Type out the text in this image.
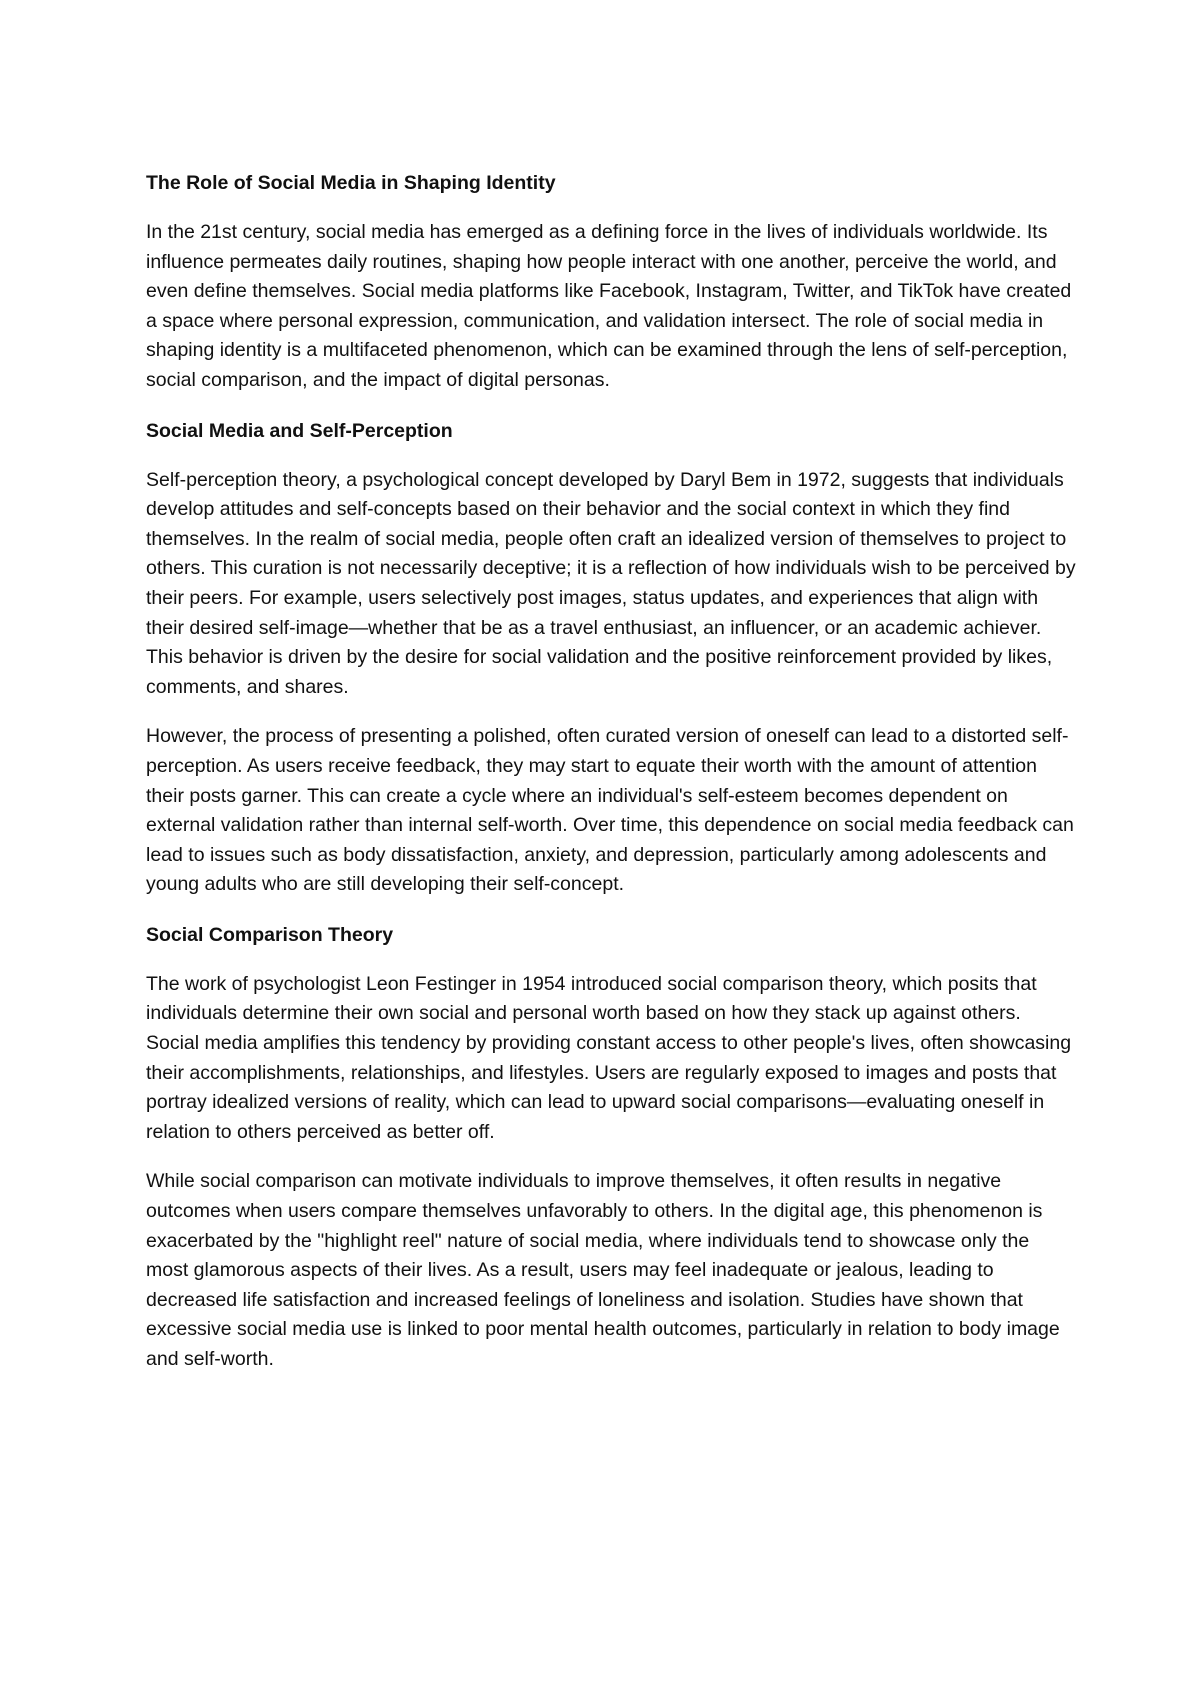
The Role of Social Media in Shaping Identity

In the 21st century, social media has emerged as a defining force in the lives of individuals worldwide. Its influence permeates daily routines, shaping how people interact with one another, perceive the world, and even define themselves. Social media platforms like Facebook, Instagram, Twitter, and TikTok have created a space where personal expression, communication, and validation intersect. The role of social media in shaping identity is a multifaceted phenomenon, which can be examined through the lens of self-perception, social comparison, and the impact of digital personas.

Social Media and Self-Perception

Self-perception theory, a psychological concept developed by Daryl Bem in 1972, suggests that individuals develop attitudes and self-concepts based on their behavior and the social context in which they find themselves. In the realm of social media, people often craft an idealized version of themselves to project to others. This curation is not necessarily deceptive; it is a reflection of how individuals wish to be perceived by their peers. For example, users selectively post images, status updates, and experiences that align with their desired self-image—whether that be as a travel enthusiast, an influencer, or an academic achiever. This behavior is driven by the desire for social validation and the positive reinforcement provided by likes, comments, and shares.

However, the process of presenting a polished, often curated version of oneself can lead to a distorted self-perception. As users receive feedback, they may start to equate their worth with the amount of attention their posts garner. This can create a cycle where an individual's self-esteem becomes dependent on external validation rather than internal self-worth. Over time, this dependence on social media feedback can lead to issues such as body dissatisfaction, anxiety, and depression, particularly among adolescents and young adults who are still developing their self-concept.

Social Comparison Theory

The work of psychologist Leon Festinger in 1954 introduced social comparison theory, which posits that individuals determine their own social and personal worth based on how they stack up against others. Social media amplifies this tendency by providing constant access to other people's lives, often showcasing their accomplishments, relationships, and lifestyles. Users are regularly exposed to images and posts that portray idealized versions of reality, which can lead to upward social comparisons—evaluating oneself in relation to others perceived as better off.

While social comparison can motivate individuals to improve themselves, it often results in negative outcomes when users compare themselves unfavorably to others. In the digital age, this phenomenon is exacerbated by the "highlight reel" nature of social media, where individuals tend to showcase only the most glamorous aspects of their lives. As a result, users may feel inadequate or jealous, leading to decreased life satisfaction and increased feelings of loneliness and isolation. Studies have shown that excessive social media use is linked to poor mental health outcomes, particularly in relation to body image and self-worth.
